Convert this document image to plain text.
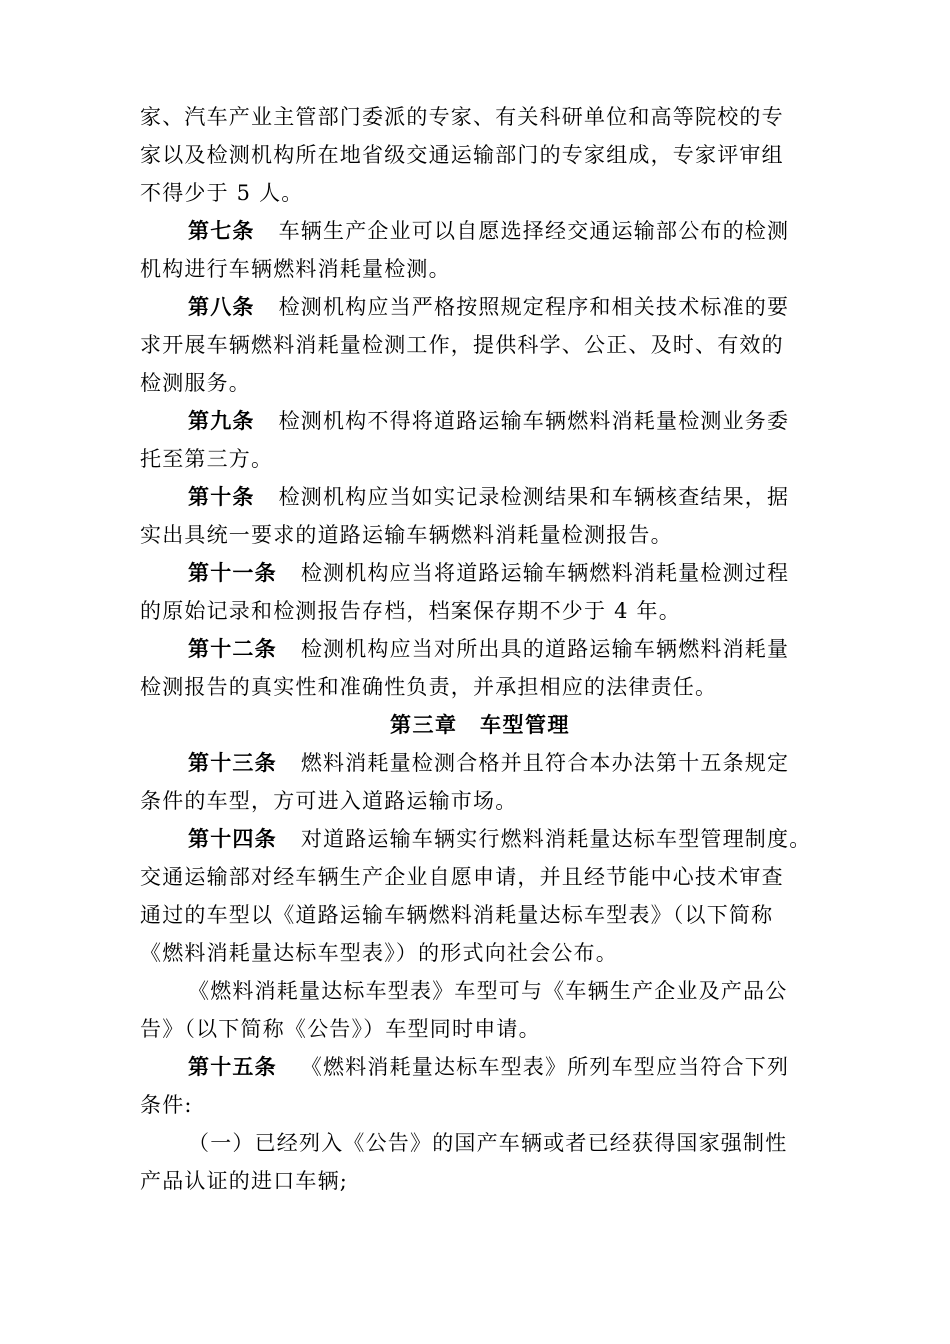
家、汽车产业主管部门委派的专家、有关科研单位和高等院校的专
家以及检测机构所在地省级交通运输部门的专家组成，专家评审组
不得少于 5 人。
第七条 车辆生产企业可以自愿选择经交通运输部公布的检测
机构进行车辆燃料消耗量检测。
第八条 检测机构应当严格按照规定程序和相关技术标准的要
求开展车辆燃料消耗量检测工作，提供科学、公正、及时、有效的
检测服务。
第九条 检测机构不得将道路运输车辆燃料消耗量检测业务委
托至第三方。
第十条 检测机构应当如实记录检测结果和车辆核查结果，据
实出具统一要求的道路运输车辆燃料消耗量检测报告。
第十一条 检测机构应当将道路运输车辆燃料消耗量检测过程
的原始记录和检测报告存档，档案保存期不少于 4 年。
第十二条 检测机构应当对所出具的道路运输车辆燃料消耗量
检测报告的真实性和准确性负责，并承担相应的法律责任。
第三章　车型管理
第十三条 燃料消耗量检测合格并且符合本办法第十五条规定
条件的车型，方可进入道路运输市场。
第十四条 对道路运输车辆实行燃料消耗量达标车型管理制度。
交通运输部对经车辆生产企业自愿申请，并且经节能中心技术审查
通过的车型以《道路运输车辆燃料消耗量达标车型表》（以下简称
《燃料消耗量达标车型表》）的形式向社会公布。
《燃料消耗量达标车型表》车型可与《车辆生产企业及产品公
告》（以下简称《公告》）车型同时申请。
第十五条 《燃料消耗量达标车型表》所列车型应当符合下列
条件:
（一）已经列入《公告》的国产车辆或者已经获得国家强制性
产品认证的进口车辆;
